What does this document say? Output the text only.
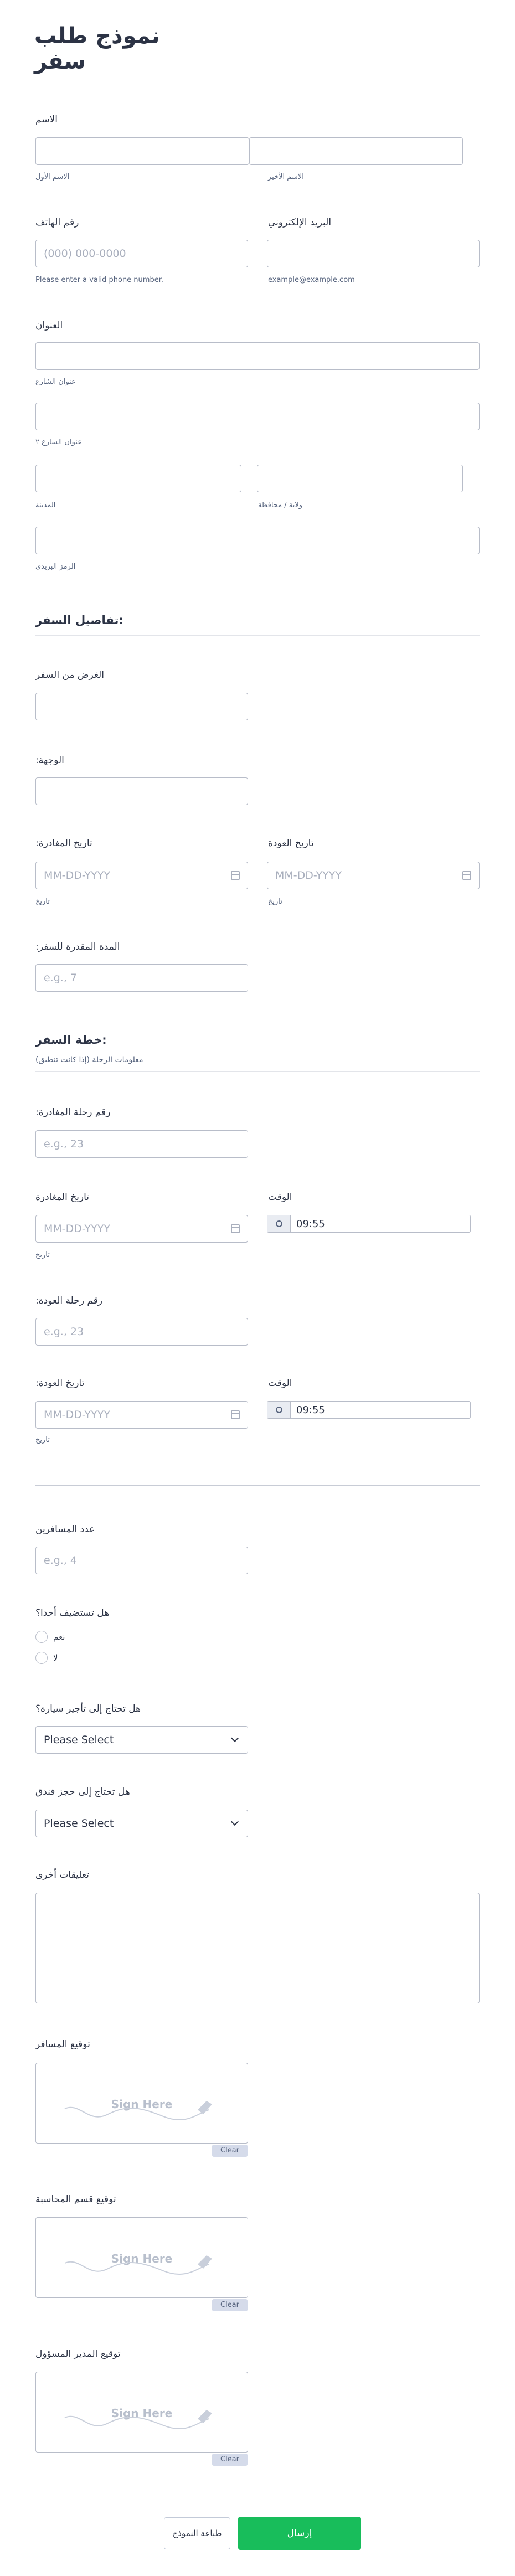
نموذج طلب سفر
الاسم
الاسم الأول	الاسم الأخير
رقم الهاتف	البريد الإلكتروني
(000) 000-0000
Please enter a valid phone number.	example@example.com
العنوان
عنوان الشارع
عنوان الشارع ٢
المدينة	ولاية / محافظة
الرمز البريدي
تفاصيل السفر:
الغرض من السفر
:الوجهة
:تاريخ المغادرة	تاريخ العودة
MM-DD-YYYY	MM-DD-YYYY
تاريخ	تاريخ
:المدة المقدرة للسفر
e.g., 7
خطة السفر:
معلومات الرحلة (إذا كانت تنطبق)
:رقم رحلة المغادرة
e.g., 23
تاريخ المغادرة	الوقت
MM-DD-YYYY	09:55
تاريخ
:رقم رحلة العودة
e.g., 23
:تاريخ العودة	الوقت
MM-DD-YYYY	09:55
تاريخ
عدد المسافرين
e.g., 4
هل تستضيف أحدا؟
نعم
لا
هل تحتاج إلى تأجير سيارة؟
Please Select
هل تحتاج إلى حجز فندق
Please Select
تعليقات أخرى
توقيع المسافر
Sign Here
Clear
توقيع قسم المحاسبة
Sign Here
Clear
توقيع المدير المسؤول
Sign Here
Clear
طباعة النموذج	إرسال
